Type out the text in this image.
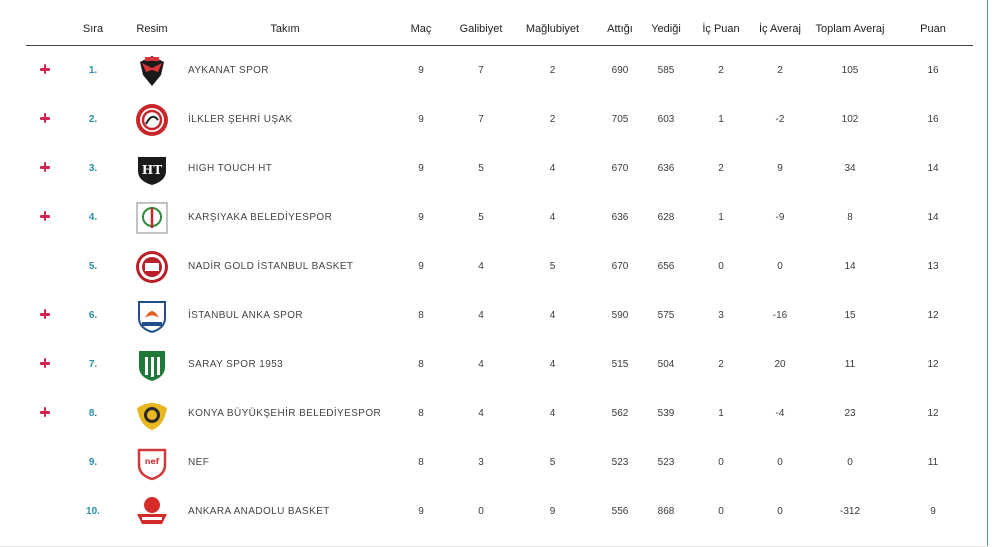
	Sıra	Resim	Takım	Maç	Galibiyet	Mağlubiyet	Attığı	Yediği	İç Puan	İç Averaj	Toplam Averaj	Puan
	1.		AYKANAT SPOR	9	7	2	690	585	2	2	105	16
	2.		İLKLER ŞEHRİ UŞAK	9	7	2	705	603	1	-2	102	16
	3.	HT	HIGH TOUCH HT	9	5	4	670	636	2	9	34	14
	4.		KARŞIYAKA BELEDİYESPOR	9	5	4	636	628	1	-9	8	14
	5.		NADİR GOLD İSTANBUL BASKET	9	4	5	670	656	0	0	14	13
	6.		İSTANBUL ANKA SPOR	8	4	4	590	575	3	-16	15	12
	7.		SARAY SPOR 1953	8	4	4	515	504	2	20	11	12
	8.		KONYA BÜYÜKŞEHİR BELEDİYESPOR	8	4	4	562	539	1	-4	23	12
	9.	nef	NEF	8	3	5	523	523	0	0	0	11
	10.		ANKARA ANADOLU BASKET	9	0	9	556	868	0	0	-312	9
